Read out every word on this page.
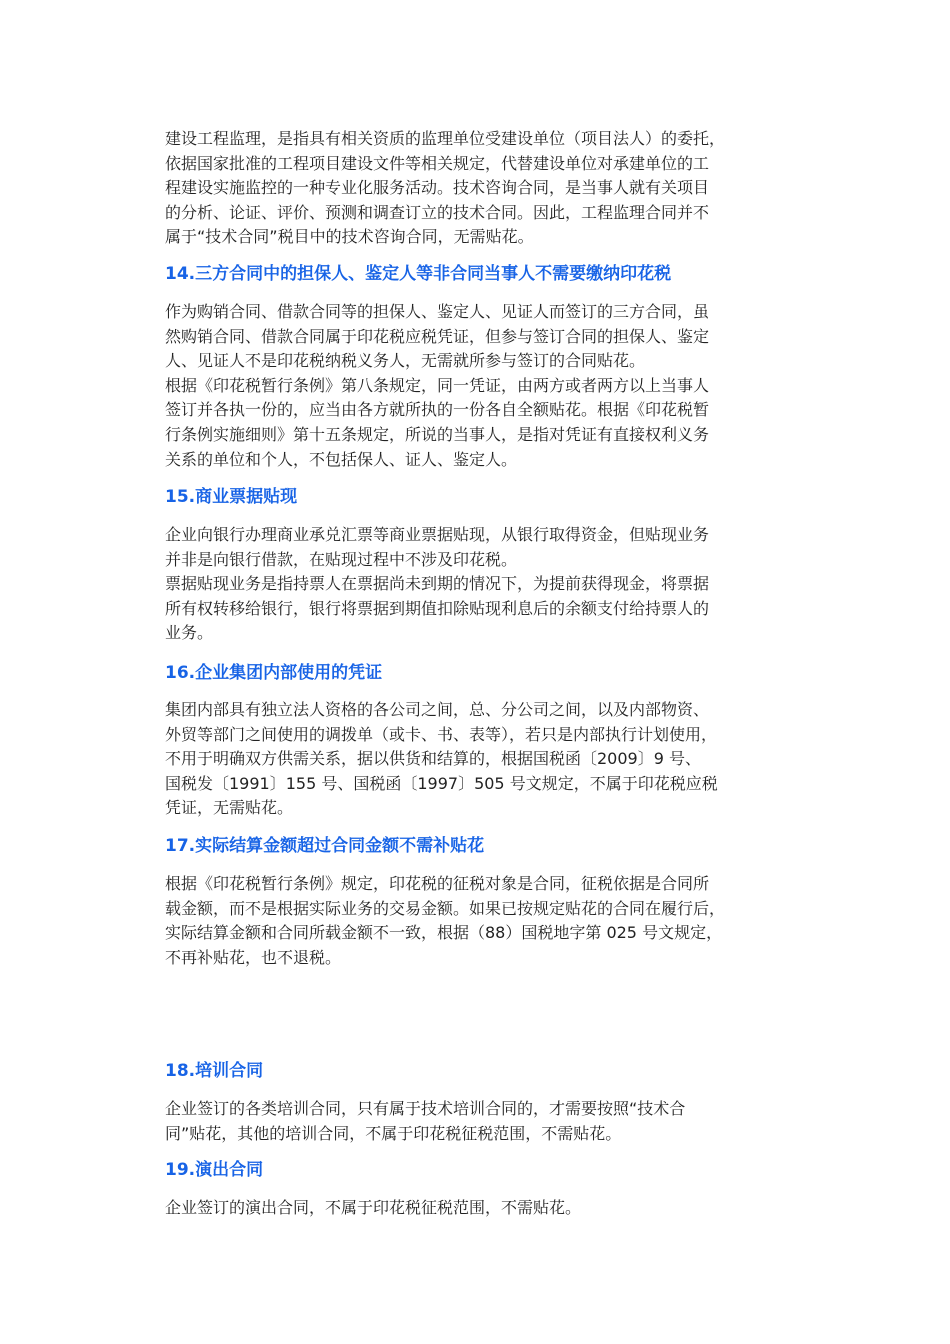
建设工程监理，是指具有相关资质的监理单位受建设单位（项目法人）的委托，
依据国家批准的工程项目建设文件等相关规定，代替建设单位对承建单位的工
程建设实施监控的一种专业化服务活动。技术咨询合同，是当事人就有关项目
的分析、论证、评价、预测和调查订立的技术合同。因此，工程监理合同并不
属于“技术合同”税目中的技术咨询合同，无需贴花。

14.三方合同中的担保人、鉴定人等非合同当事人不需要缴纳印花税

作为购销合同、借款合同等的担保人、鉴定人、见证人而签订的三方合同，虽
然购销合同、借款合同属于印花税应税凭证，但参与签订合同的担保人、鉴定
人、见证人不是印花税纳税义务人，无需就所参与签订的合同贴花。

根据《印花税暂行条例》第八条规定，同一凭证，由两方或者两方以上当事人
签订并各执一份的，应当由各方就所执的一份各自全额贴花。根据《印花税暂
行条例实施细则》第十五条规定，所说的当事人，是指对凭证有直接权利义务
关系的单位和个人，不包括保人、证人、鉴定人。

15.商业票据贴现

企业向银行办理商业承兑汇票等商业票据贴现，从银行取得资金，但贴现业务
并非是向银行借款，在贴现过程中不涉及印花税。

票据贴现业务是指持票人在票据尚未到期的情况下，为提前获得现金，将票据
所有权转移给银行，银行将票据到期值扣除贴现利息后的余额支付给持票人的
业务。

16.企业集团内部使用的凭证

集团内部具有独立法人资格的各公司之间，总、分公司之间，以及内部物资、
外贸等部门之间使用的调拨单（或卡、书、表等），若只是内部执行计划使用，
不用于明确双方供需关系，据以供货和结算的，根据国税函〔2009〕9 号、
国税发〔1991〕155 号、国税函〔1997〕505 号文规定，不属于印花税应税
凭证，无需贴花。

17.实际结算金额超过合同金额不需补贴花

根据《印花税暂行条例》规定，印花税的征税对象是合同，征税依据是合同所
载金额，而不是根据实际业务的交易金额。如果已按规定贴花的合同在履行后，
实际结算金额和合同所载金额不一致，根据（88）国税地字第 025 号文规定，
不再补贴花，也不退税。

18.培训合同

企业签订的各类培训合同，只有属于技术培训合同的，才需要按照“技术合
同”贴花，其他的培训合同，不属于印花税征税范围，不需贴花。

19.演出合同

企业签订的演出合同，不属于印花税征税范围，不需贴花。
